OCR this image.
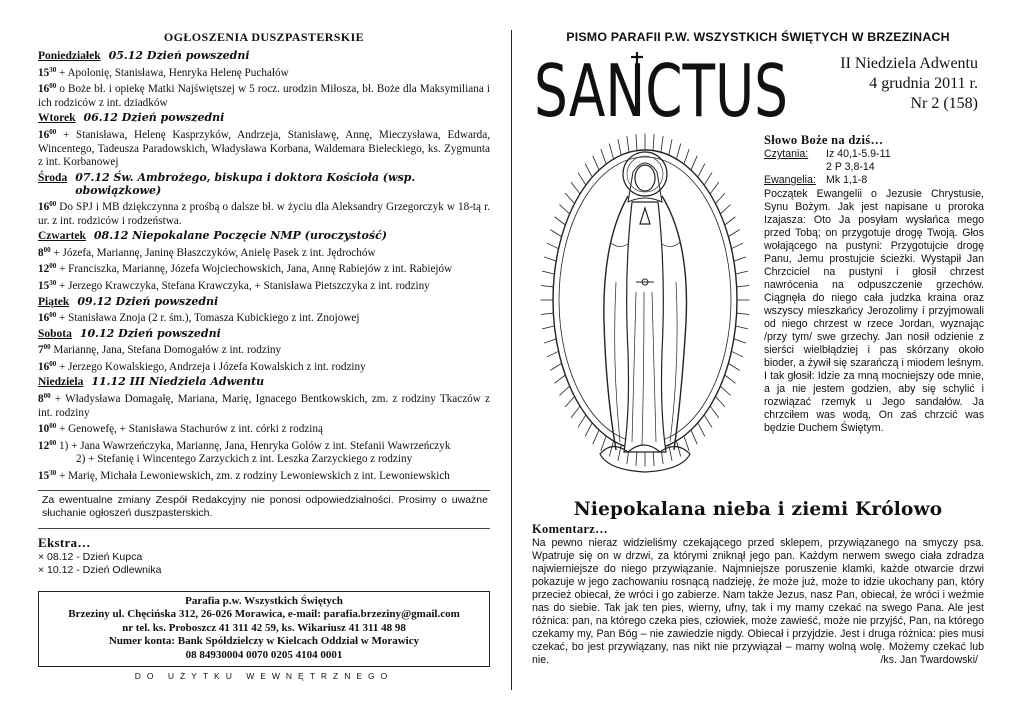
OGŁOSZENIA DUSZPASTERSKIE
Poniedziałek 05.12 Dzień powszedni
$15^{30}$ + Apolonię, Stanisława, Henryka Helenę Puchałów
$16^{00}$ o Boże bł. i opiekę Matki Najświętszej w 5 rocz. urodzin Miłosza, bł. Boże dla Maksymiliana i ich rodziców z int. dziadków
Wtorek 06.12 Dzień powszedni
$16^{00}$ + Stanisława, Helenę Kasprzyków, Andrzeja, Stanisławę, Annę, Mieczysława, Edwarda, Wincentego, Tadeusza Paradowskich, Władysława Korbana, Waldemara Bieleckiego, ks. Zygmunta z int. Korbanowej
Środa 07.12 Św. Ambrożego, biskupa i doktora Kościoła (wsp. obowiązkowe)
$16^{00}$ Do SPJ i MB dziękczynna z prośbą o dalsze bł. w życiu dla Aleksandry Grzegorczyk w 18-tą r. ur. z int. rodziców i rodzeństwa.
Czwartek 08.12 Niepokalane Poczęcie NMP (uroczystość)
$8^{00}$ + Józefa, Mariannę, Janinę Błaszczyków, Anielę Pasek z int. Jędrochów
$12^{00}$ + Franciszka, Mariannę, Józefa Wojciechowskich, Jana, Annę Rabiejów z int. Rabiejów
$15^{30}$ + Jerzego Krawczyka, Stefana Krawczyka, + Stanisława Pietszczyka z int. rodziny
Piątek 09.12 Dzień powszedni
$16^{00}$ + Stanisława Znoja (2 r. śm.), Tomasza Kubickiego z int. Znojowej
Sobota 10.12 Dzień powszedni
$7^{00}$ Mariannę, Jana, Stefana Domogałów z int. rodziny
$16^{00}$ + Jerzego Kowalskiego, Andrzeja i Józefa Kowalskich z int. rodziny
Niedziela 11.12 III Niedziela Adwentu
$8^{00}$ + Władysława Domagałę, Mariana, Marię, Ignacego Bentkowskich, zm. z rodziny Tkaczów z int. rodziny
$10^{00}$ + Genowefę, + Stanisława Stachurów z int. córki z rodziną
$12^{00}$ 1) + Jana Wawrzeńczyka, Mariannę, Jana, Henryka Golów z int. Stefanii Wawrzeńczyk
2) + Stefanię i Wincentego Zarzyckich z int. Leszka Zarzyckiego z rodziny
$15^{30}$ + Marię, Michała Lewoniewskich, zm. z rodziny Lewoniewskich z int. Lewoniewskich
Za ewentualne zmiany Zespół Redakcyjny nie ponosi odpowiedzialności. Prosimy o uważne słuchanie ogłoszeń duszpasterskich.
Ekstra…
× 08.12 - Dzień Kupca
× 10.12 - Dzień Odlewnika
Parafia p.w. Wszystkich Świętych
Brzeziny ul. Chęcińska 312, 26-026 Morawica, e-mail: parafia.brzeziny@gmail.com
nr tel. ks. Proboszcz 41 311 42 59, ks. Wikariusz 41 311 48 98
Numer konta: Bank Spółdzielczy w Kielcach Oddział w Morawicy
08 84930004 0070 0205 4104 0001
DO UŻYTKU WEWNĘTRZNEGO
PISMO PARAFII P.W. WSZYSTKICH ŚWIĘTYCH W BRZEZINACH
SANCTUS	II Niedziela Adwentu
4 grudnia 2011 r.
Nr 2 (158)
Słowo Boże na dziś…
Czytania:	Iz 40,1-5.9-11
2 P 3,8-14
Ewangelia: Mk 1,1-8
Początek Ewangelii o Jezusie Chrystusie, Synu Bożym. Jak jest napisane u proroka Izajasza: Oto Ja posyłam wysłańca mego przed Tobą; on przygotuje drogę Twoją. Głos wołającego na pustyni: Przygotujcie drogę Panu, Jemu prostujcie ścieżki. Wystąpił Jan Chrzciciel na pustyni i głosił chrzest nawrócenia na odpuszczenie grzechów. Ciągnęła do niego cała judzka kraina oraz wszyscy mieszkańcy Jerozolimy i przyjmowali od niego chrzest w rzece Jordan, wyznając /przy tym/ swe grzechy. Jan nosił odzienie z sierści wielbłądziej i pas skórzany około bioder, a żywił się szarańczą i miodem leśnym. I tak głosił: Idzie za mną mocniejszy ode mnie, a ja nie jestem godzien, aby się schylić i rozwiązać rzemyk u Jego sandałów. Ja chrzciłem was wodą, On zaś chrzcić was będzie Duchem Świętym.
Niepokalana nieba i ziemi Królowo
Komentarz…
Na pewno nieraz widzieliśmy czekającego przed sklepem, przywiązanego na smyczy psa. Wpatruje się on w drzwi, za którymi zniknął jego pan. Każdym nerwem swego ciała zdradza najwierniejsze do niego przywiązanie. Najmniejsze poruszenie klamki, każde otwarcie drzwi pokazuje w jego zachowaniu rosnącą nadzieję, że może już, może to idzie ukochany pan, który przecież obiecał, że wróci i go zabierze. Nam także Jezus, nasz Pan, obiecał, że wróci i weźmie nas do siebie. Tak jak ten pies, wierny, ufny, tak i my mamy czekać na swego Pana. Ale jest różnica: pan, na którego czeka pies, człowiek, może zawieść, może nie przyjść, Pan, na którego czekamy my, Pan Bóg – nie zawiedzie nigdy. Obiecał i przyjdzie. Jest i druga różnica: pies musi czekać, bo jest przywiązany, nas nikt nie przywiązał – mamy wolną wolę. Możemy czekać lub nie.	/ks. Jan Twardowski/
